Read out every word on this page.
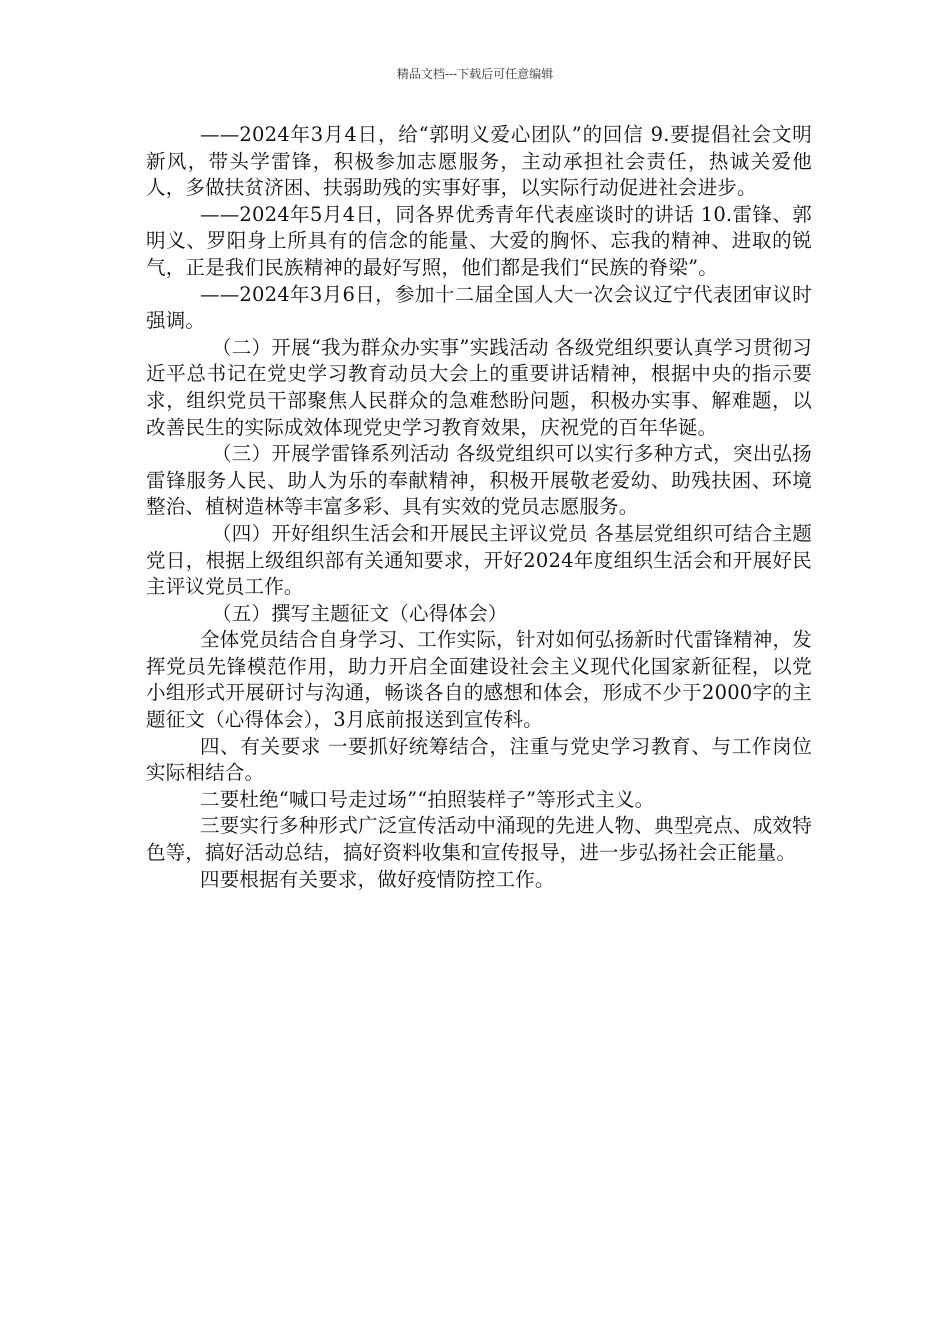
精品文档---下载后可任意编辑

——2024年3月4日，给“郭明义爱心团队”的回信 9.要提倡社会文明新风，带头学雷锋，积极参加志愿服务，主动承担社会责任，热诚关爱他人，多做扶贫济困、扶弱助残的实事好事，以实际行动促进社会进步。

——2024年5月4日，同各界优秀青年代表座谈时的讲话 10.雷锋、郭明义、罗阳身上所具有的信念的能量、大爱的胸怀、忘我的精神、进取的锐气，正是我们民族精神的最好写照，他们都是我们“民族的脊梁”。

——2024年3月6日，参加十二届全国人大一次会议辽宁代表团审议时强调。

（二）开展“我为群众办实事”实践活动 各级党组织要认真学习贯彻习近平总书记在党史学习教育动员大会上的重要讲话精神，根据中央的指示要求，组织党员干部聚焦人民群众的急难愁盼问题，积极办实事、解难题，以改善民生的实际成效体现党史学习教育效果，庆祝党的百年华诞。

（三）开展学雷锋系列活动 各级党组织可以实行多种方式，突出弘扬雷锋服务人民、助人为乐的奉献精神，积极开展敬老爱幼、助残扶困、环境整治、植树造林等丰富多彩、具有实效的党员志愿服务。

（四）开好组织生活会和开展民主评议党员 各基层党组织可结合主题党日，根据上级组织部有关通知要求，开好2024年度组织生活会和开展好民主评议党员工作。

（五）撰写主题征文（心得体会）

全体党员结合自身学习、工作实际，针对如何弘扬新时代雷锋精神，发挥党员先锋模范作用，助力开启全面建设社会主义现代化国家新征程，以党小组形式开展研讨与沟通，畅谈各自的感想和体会，形成不少于2000字的主题征文（心得体会），3月底前报送到宣传科。

四、有关要求 一要抓好统筹结合，注重与党史学习教育、与工作岗位实际相结合。

二要杜绝“喊口号走过场”“拍照装样子”等形式主义。

三要实行多种形式广泛宣传活动中涌现的先进人物、典型亮点、成效特色等，搞好活动总结，搞好资料收集和宣传报导，进一步弘扬社会正能量。

四要根据有关要求，做好疫情防控工作。
